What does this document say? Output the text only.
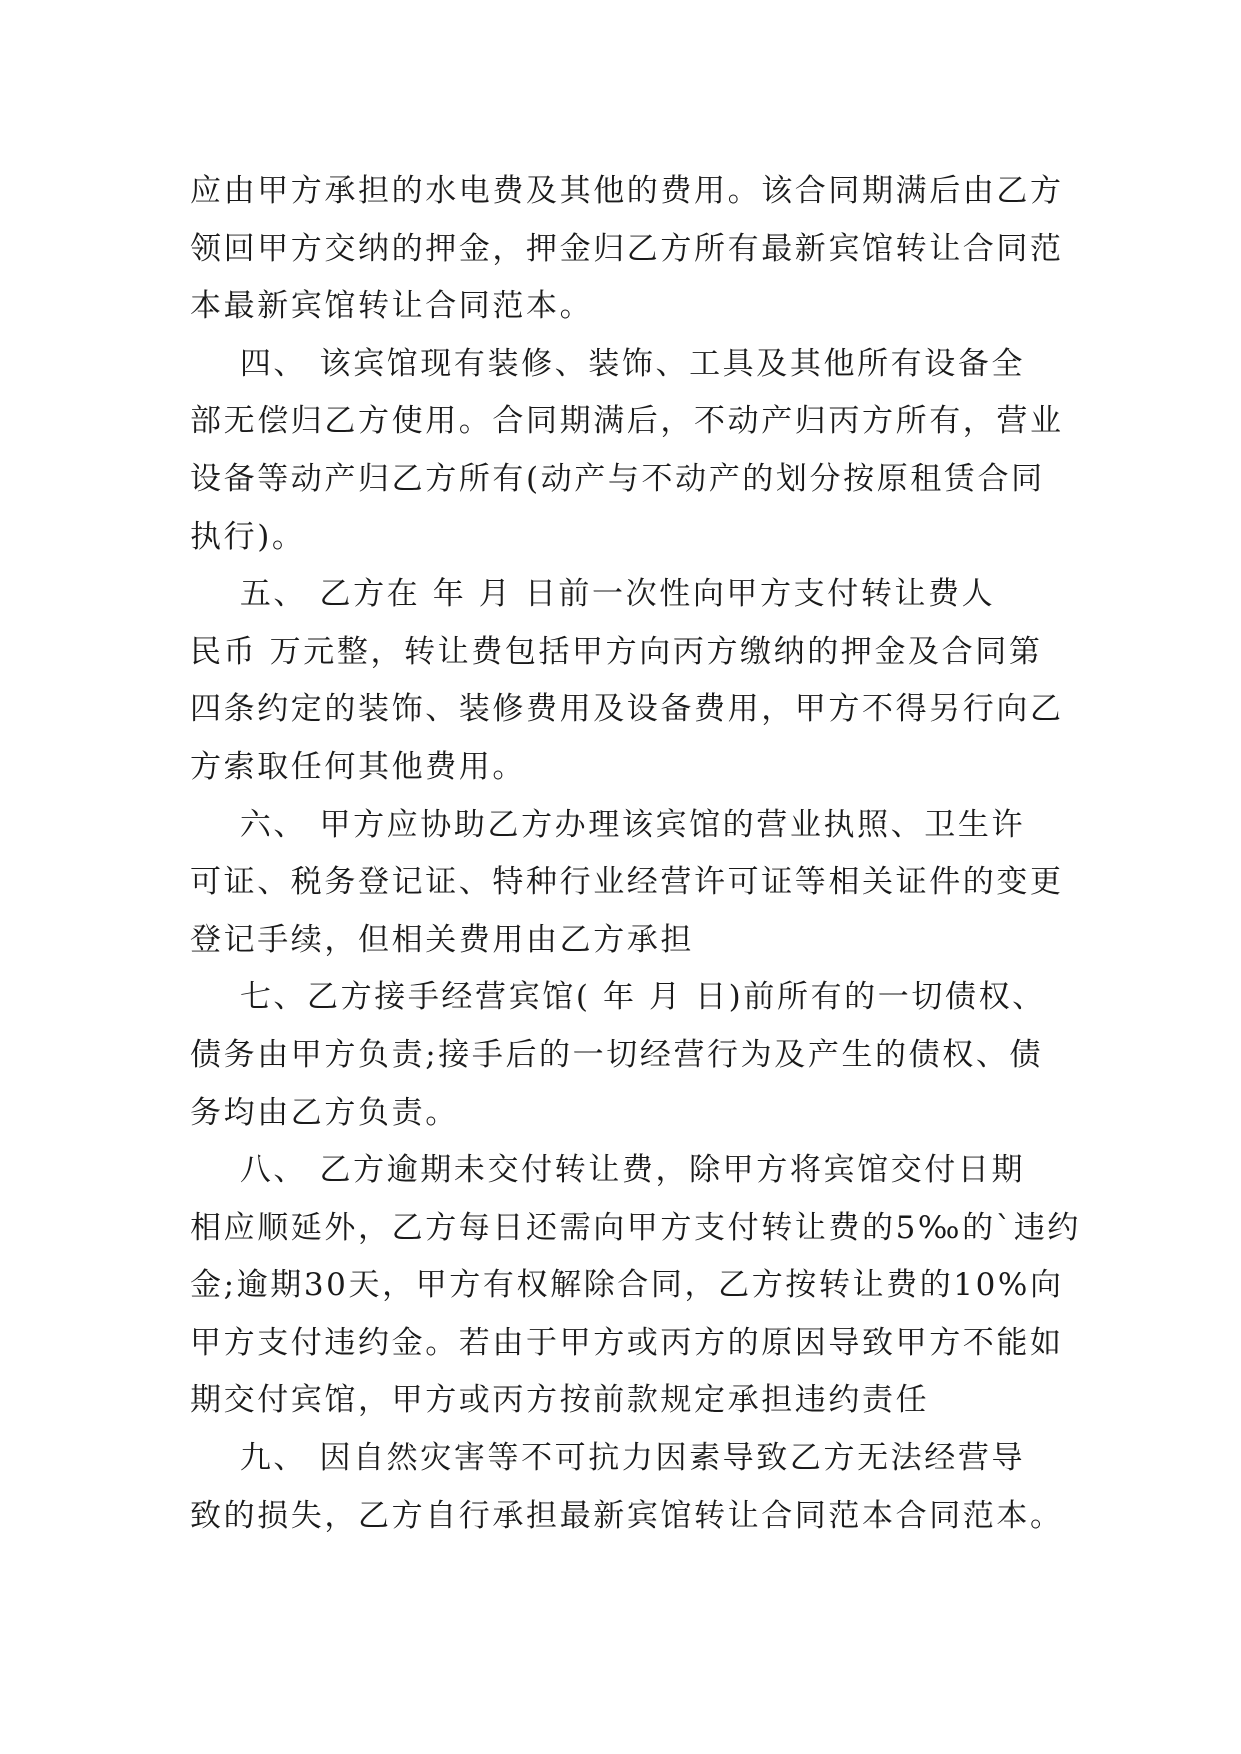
应由甲方承担的水电费及其他的费用。该合同期满后由乙方
领回甲方交纳的押金，押金归乙方所有最新宾馆转让合同范
本最新宾馆转让合同范本。
四、 该宾馆现有装修、装饰、工具及其他所有设备全
部无偿归乙方使用。合同期满后，不动产归丙方所有，营业
设备等动产归乙方所有(动产与不动产的划分按原租赁合同
执行)。
五、 乙方在 年 月 日前一次性向甲方支付转让费人
民币 万元整，转让费包括甲方向丙方缴纳的押金及合同第
四条约定的装饰、装修费用及设备费用，甲方不得另行向乙
方索取任何其他费用。
六、 甲方应协助乙方办理该宾馆的营业执照、卫生许
可证、税务登记证、特种行业经营许可证等相关证件的变更
登记手续，但相关费用由乙方承担
七、乙方接手经营宾馆( 年 月 日)前所有的一切债权、
债务由甲方负责;接手后的一切经营行为及产生的债权、债
务均由乙方负责。
八、 乙方逾期未交付转让费，除甲方将宾馆交付日期
相应顺延外，乙方每日还需向甲方支付转让费的5‰的`违约
金;逾期30天，甲方有权解除合同，乙方按转让费的10%向
甲方支付违约金。若由于甲方或丙方的原因导致甲方不能如
期交付宾馆，甲方或丙方按前款规定承担违约责任
九、 因自然灾害等不可抗力因素导致乙方无法经营导
致的损失，乙方自行承担最新宾馆转让合同范本合同范本。
